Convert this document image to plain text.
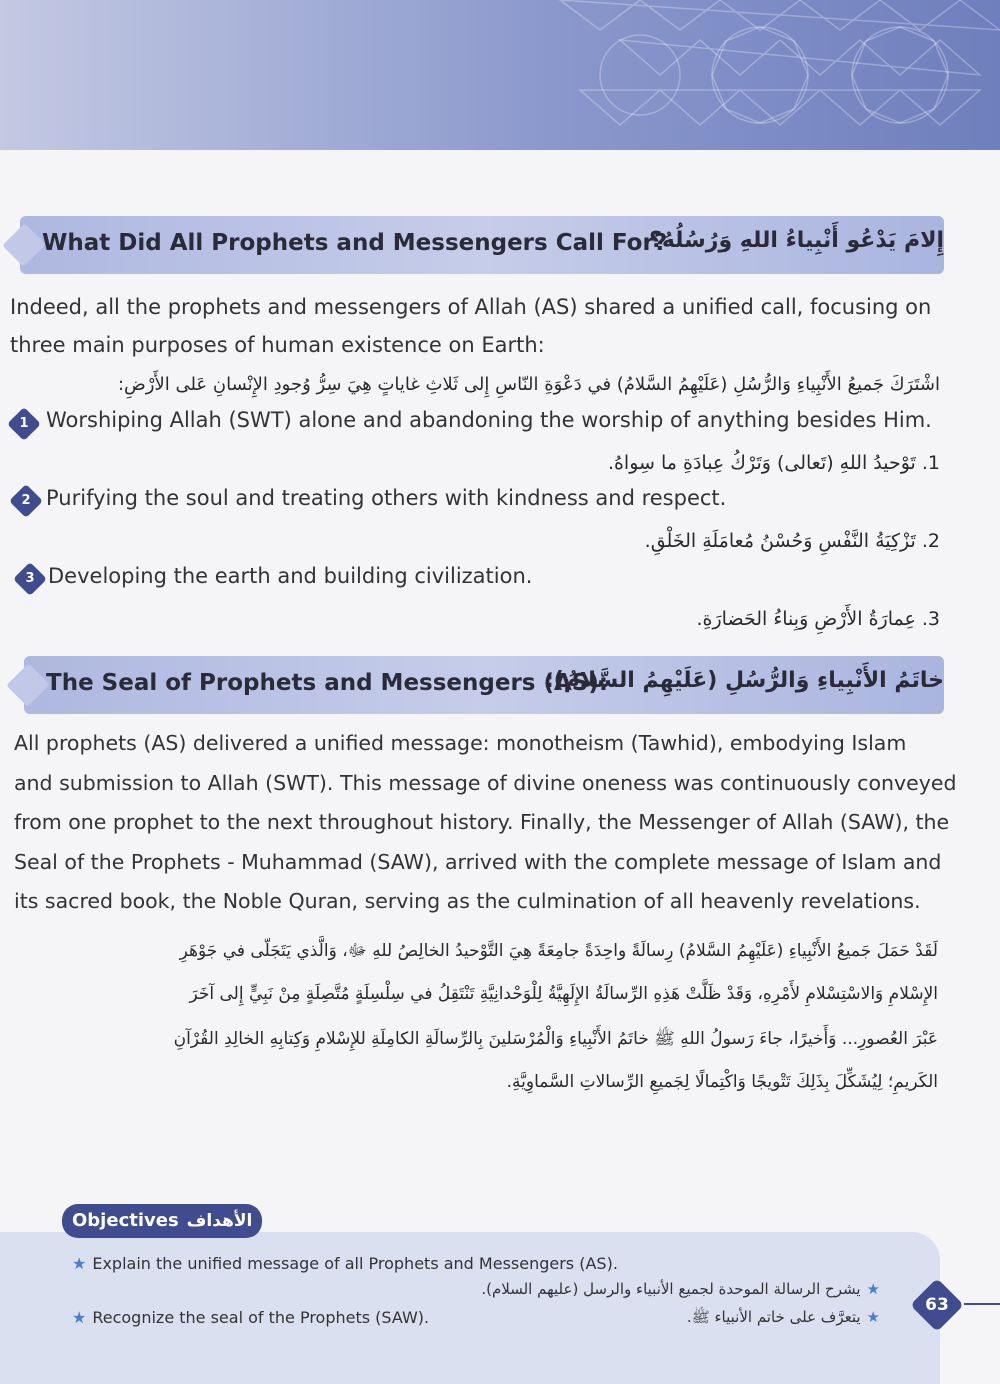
What Did All Prophets and Messengers Call For?
إِلامَ يَدْعُو أَنْبِياءُ اللهِ وَرُسُلُهُ؟
Indeed, all the prophets and messengers of Allah (AS) shared a unified call, focusing on
three main purposes of human existence on Earth:
اشْتَرَكَ جَميعُ الأَنْبِياءِ وَالرُّسُلِ (عَلَيْهِمُ السَّلامُ) في دَعْوَةِ النّاسِ إِلى ثَلاثِ غاياتٍ هِيَ سِرُّ وُجودِ الإِنْسانِ عَلى الأَرْضِ:
1 Worshiping Allah (SWT) alone and abandoning the worship of anything besides Him.
1. تَوْحيدُ اللهِ (تَعالى) وَتَرْكُ عِبادَةِ ما سِواهُ.
2 Purifying the soul and treating others with kindness and respect.
2. تَزْكِيَةُ النَّفْسِ وَحُسْنُ مُعامَلَةِ الخَلْقِ.
3 Developing the earth and building civilization.
3. عِمارَةُ الأَرْضِ وَبِناءُ الحَضارَةِ.
The Seal of Prophets and Messengers (AS):
خاتَمُ الأَنْبِياءِ وَالرُّسُلِ (عَلَيْهِمُ السَّلامُ):
All prophets (AS) delivered a unified message: monotheism (Tawhid), embodying Islam
and submission to Allah (SWT). This message of divine oneness was continuously conveyed
from one prophet to the next throughout history. Finally, the Messenger of Allah (SAW), the
Seal of the Prophets - Muhammad (SAW), arrived with the complete message of Islam and
its sacred book, the Noble Quran, serving as the culmination of all heavenly revelations.
لَقَدْ حَمَلَ جَميعُ الأَنْبِياءِ (عَلَيْهِمُ السَّلامُ) رِسالَةً واحِدَةً جامِعَةً هِيَ التَّوْحيدُ الخالِصُ للهِ ﷻ، وَالَّذي يَتَجَلّى في جَوْهَرِ
الإِسْلامِ وَالاسْتِسْلامِ لأَمْرِهِ، وَقَدْ ظَلَّتْ هَذِهِ الرِّسالَةُ الإِلَهِيَّةُ لِلْوَحْدانِيَّةِ تَنْتَقِلُ في سِلْسِلَةٍ مُتَّصِلَةٍ مِنْ نَبِيٍّ إِلى آخَرَ
عَبْرَ العُصورِ... وَأَخيرًا، جاءَ رَسولُ اللهِ ﷺ خاتَمُ الأَنْبِياءِ وَالْمُرْسَلينَ بِالرِّسالَةِ الكامِلَةِ للإِسْلامِ وَكِتابِهِ الخالِدِ القُرْآنِ
الكَريمِ؛ لِيُشَكِّلَ بِذَلِكَ تَتْويجًا وَاكْتِمالًا لِجَميعِ الرِّسالاتِ السَّماوِيَّةِ.
Objectives الأهداف
★ Explain the unified message of all Prophets and Messengers (AS).
★يشرح الرسالة الموحدة لجميع الأنبياء والرسل (عليهم السلام).
★ Recognize the seal of the Prophets (SAW).	★يتعرَّف على خاتم الأنبياء ﷺ.
63
